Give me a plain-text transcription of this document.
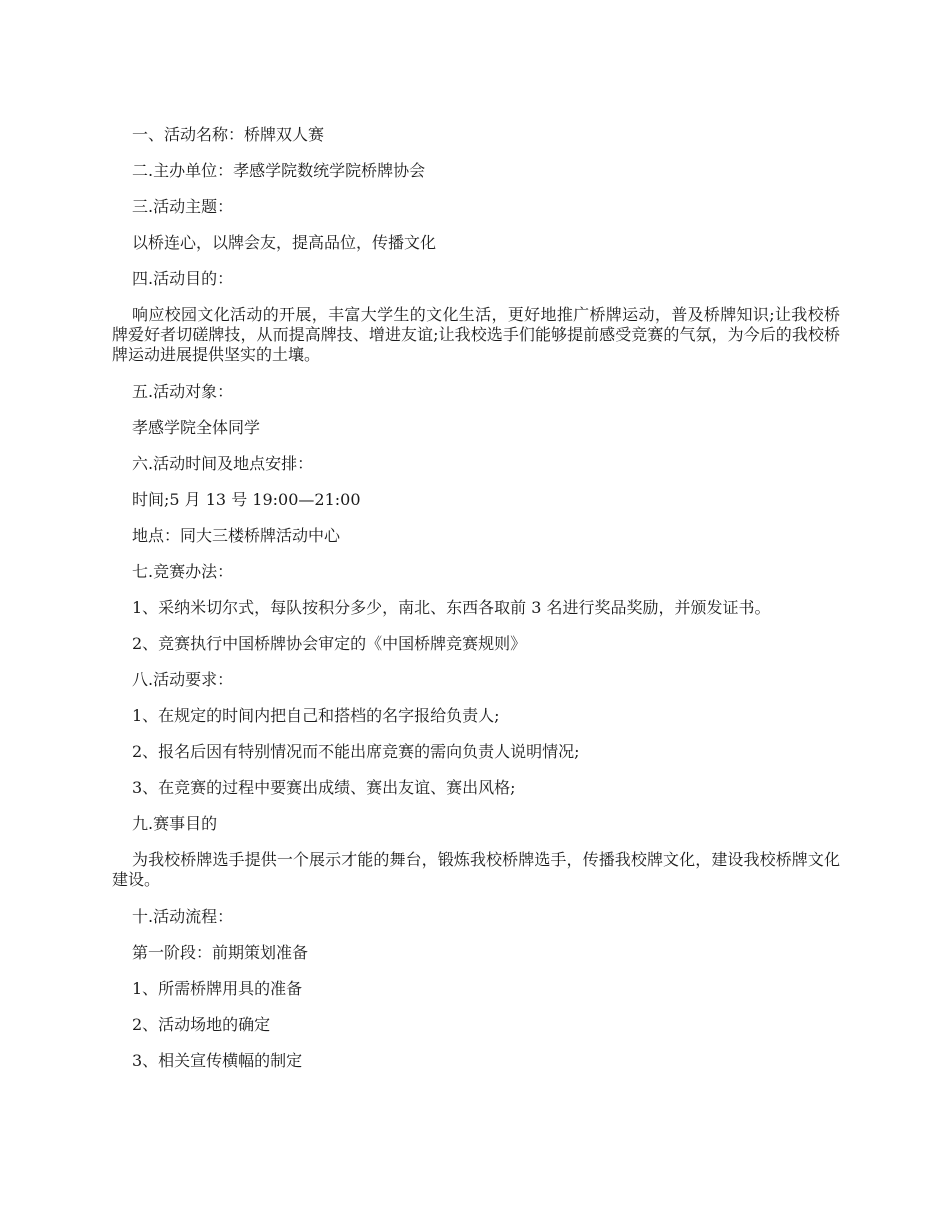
一、活动名称：桥牌双人赛

二.主办单位：孝感学院数统学院桥牌协会

三.活动主题：

以桥连心，以牌会友，提高品位，传播文化

四.活动目的：

响应校园文化活动的开展，丰富大学生的文化生活，更好地推广桥牌运动，普及桥牌知识;让我校桥牌爱好者切磋牌技，从而提高牌技、增进友谊;让我校选手们能够提前感受竞赛的气氛，为今后的我校桥牌运动进展提供坚实的土壤。

五.活动对象：

孝感学院全体同学

六.活动时间及地点安排：

时间;5 月 13 号 19:00—21:00

地点：同大三楼桥牌活动中心

七.竞赛办法：

1、采纳米切尔式，每队按积分多少，南北、东西各取前 3 名进行奖品奖励，并颁发证书。

2、竞赛执行中国桥牌协会审定的《中国桥牌竞赛规则》

八.活动要求：

1、在规定的时间内把自己和搭档的名字报给负责人;

2、报名后因有特别情况而不能出席竞赛的需向负责人说明情况;

3、在竞赛的过程中要赛出成绩、赛出友谊、赛出风格;

九.赛事目的

为我校桥牌选手提供一个展示才能的舞台，锻炼我校桥牌选手，传播我校牌文化，建设我校桥牌文化建设。

十.活动流程：

第一阶段：前期策划准备

1、所需桥牌用具的准备

2、活动场地的确定

3、相关宣传横幅的制定
